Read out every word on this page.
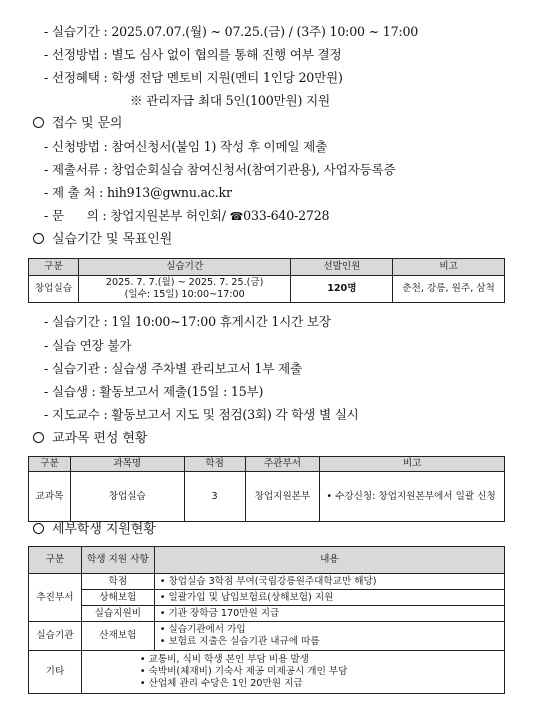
- 실습기간 : 2025.07.07.(월) ~ 07.25.(금) / (3주) 10:00 ~ 17:00
- 선정방법 : 별도 심사 없이 협의를 통해 진행 여부 결정
- 선정혜택 : 학생 전담 멘토비 지원(멘티 1인당 20만원)
※ 관리자급 최대 5인(100만원) 지원
접수 및 문의
- 신청방법 : 참여신청서(붙임 1) 작성 후 이메일 제출
- 제출서류 : 창업순회실습 참여신청서(참여기관용), 사업자등록증
- 제 출 처 : hih913@gwnu.ac.kr
- 문      의 : 창업지원본부 허인회/ ☎033-640-2728
실습기간 및 목표인원
구분	실습기간	선발인원	비고
창업실습	2025. 7. 7.(월) ~ 2025. 7. 25.(금)
(일수: 15일) 10:00~17:00	120명	춘천, 강릉, 원주, 삼척
- 실습기간 : 1일 10:00~17:00 휴게시간 1시간 보장
- 실습 연장 불가
- 실습기관 : 실습생 주차별 관리보고서 1부 제출
- 실습생 : 활동보고서 제출(15일 : 15부)
- 지도교수 : 활동보고서 지도 및 점검(3회) 각 학생 별 실시
교과목 편성 현황
구분	과목명	학점	주관부서	비고
교과목	창업실습	3	창업지원본부	• 수강신청: 창업지원본부에서 일괄 신청
세부학생 지원현황
구분	학생 지원 사항	내용
추진부서	학점	• 창업실습 3학점 부여(국립강릉원주대학교만 해당)
	상해보험	• 일괄가입 및 납입보험료(상해보험) 지원
	실습지원비	• 기관 장학금 170만원 지급
실습기관	산재보험	• 실습기관에서 가입
• 보험료 지출은 실습기관 내규에 따름

기타	• 교통비, 식비 학생 본인 부담 비용 발생
• 숙박비(체재비) 기숙사 제공 미제공시 개인 부담
• 산업체 관리 수당은 1인 20만원 지급	
